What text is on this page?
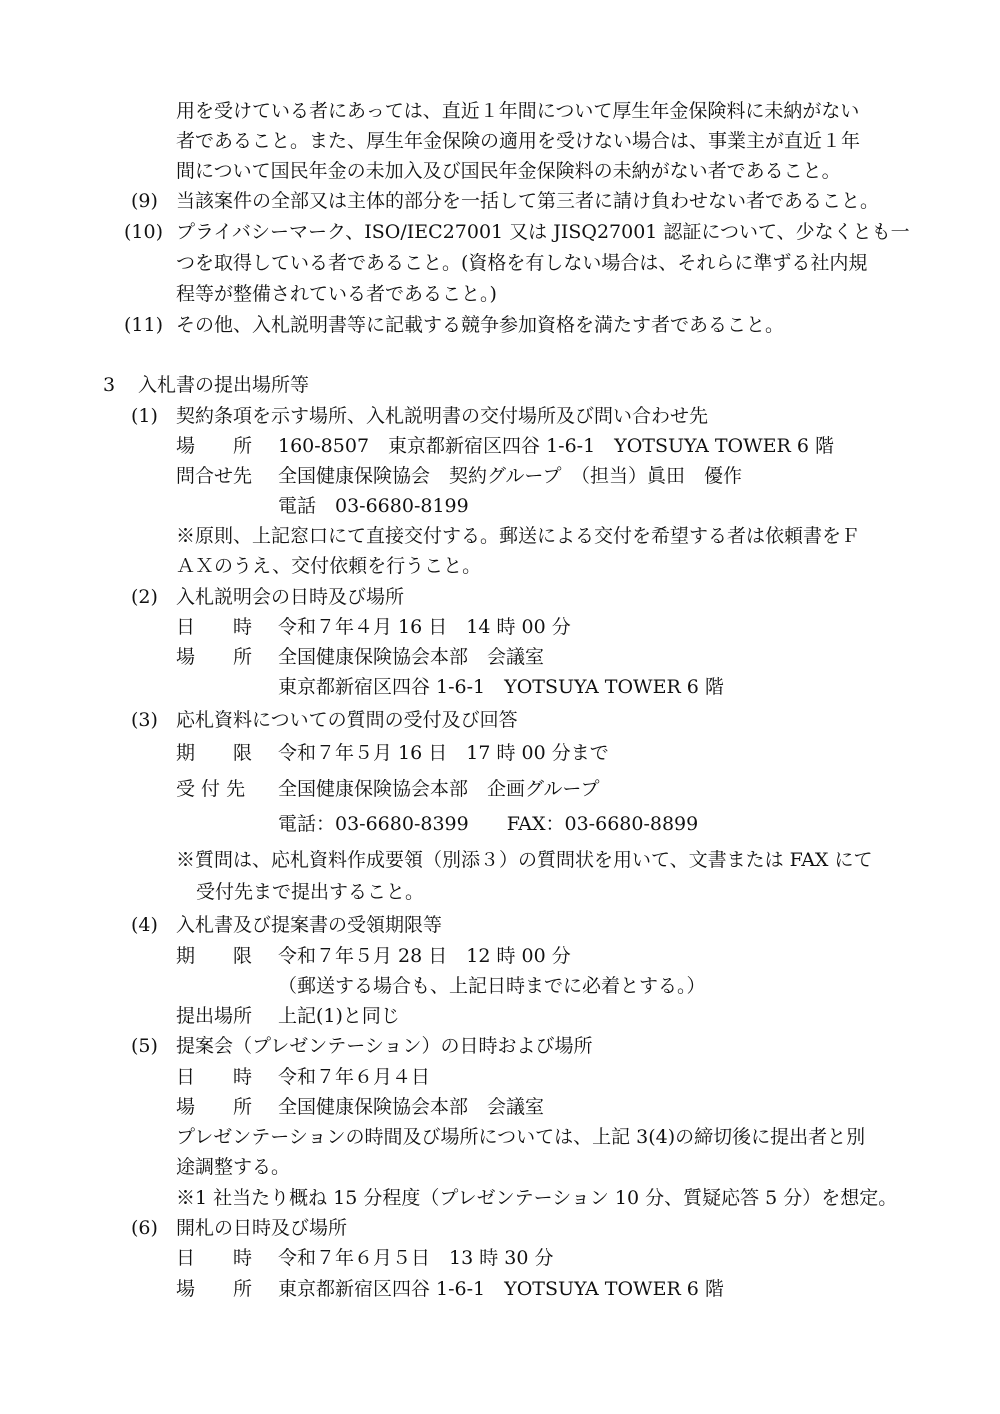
用を受けている者にあっては、直近１年間について厚生年金保険料に未納がない
者であること。また、厚生年金保険の適用を受けない場合は、事業主が直近１年
間について国民年金の未加入及び国民年金保険料の未納がない者であること。
(9) 当該案件の全部又は主体的部分を一括して第三者に請け負わせない者であること。
(10) プライバシーマーク、ISO/IEC27001 又は JISQ27001 認証について、少なくとも一
つを取得している者であること。(資格を有しない場合は、それらに準ずる社内規
程等が整備されている者であること。)
(11) その他、入札説明書等に記載する競争参加資格を満たす者であること。
3 入札書の提出場所等
(1) 契約条項を示す場所、入札説明書の交付場所及び問い合わせ先
場　　所 160-8507　東京都新宿区四谷 1-6-1　YOTSUYA TOWER 6 階
問合せ先 全国健康保険協会　契約グループ　（担当）眞田　優作
電話　03-6680-8199
※原則、上記窓口にて直接交付する。郵送による交付を希望する者は依頼書をＦ
ＡＸのうえ、交付依頼を行うこと。
(2) 入札説明会の日時及び場所
日　　時 令和７年４月 16 日　14 時 00 分
場　　所 全国健康保険協会本部　会議室
東京都新宿区四谷 1-6-1　YOTSUYA TOWER 6 階
(3) 応札資料についての質問の受付及び回答
期　　限 令和７年５月 16 日　17 時 00 分まで
受 付 先 全国健康保険協会本部　企画グループ
電話：03-6680-8399　　FAX：03-6680-8899
※質問は、応札資料作成要領（別添３）の質問状を用いて、文書または FAX にて
受付先まで提出すること。
(4) 入札書及び提案書の受領期限等
期　　限 令和７年５月 28 日　12 時 00 分
（郵送する場合も、上記日時までに必着とする。）
提出場所 上記(1)と同じ
(5) 提案会（プレゼンテーション）の日時および場所
日　　時 令和７年６月４日
場　　所 全国健康保険協会本部　会議室
プレゼンテーションの時間及び場所については、上記 3(4)の締切後に提出者と別
途調整する。
※1 社当たり概ね 15 分程度（プレゼンテーション 10 分、質疑応答 5 分）を想定。
(6) 開札の日時及び場所
日　　時 令和７年６月５日　13 時 30 分
場　　所 東京都新宿区四谷 1-6-1　YOTSUYA TOWER 6 階
